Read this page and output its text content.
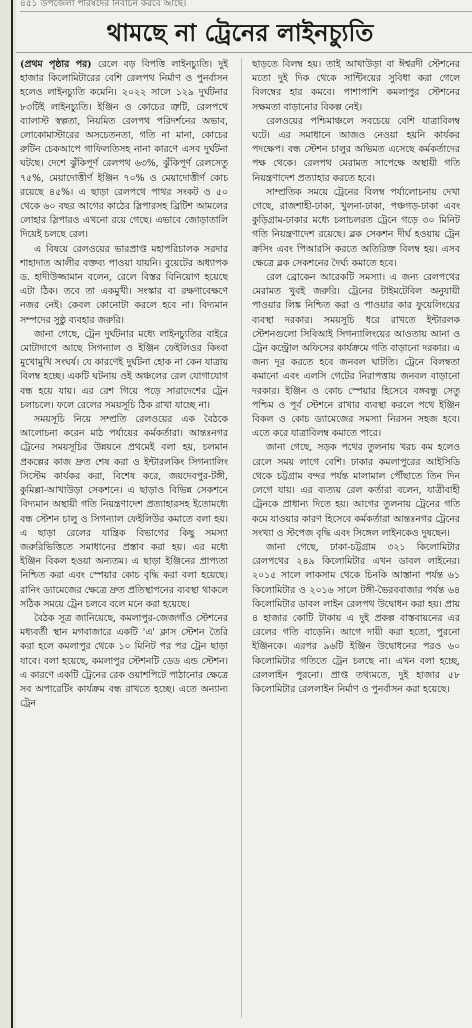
৪৫১ উপজেলা পরিষদের নির্বাচন করবে আছে।
থামছে না ট্রেনের লাইনচ্যুতি

(প্রথম পৃষ্ঠার পর) রেলে বড় বিপত্তি লাইনচ্যুতি। দুই হাজার কিলোমিটারের বেশি রেলপথ নির্মাণ ও পুনর্বাসন হলেও লাইনচ্যুতি কমেনি। ২০২২ সালে ১২৯ দুর্ঘটনার ৮৩টিই লাইনচ্যুতি। ইঞ্জিন ও কোচের ত্রুটি, রেলপথে ব্যালাস্ট স্বল্পতা, নিয়মিত রেলপথ পরিদর্শনের অভাব, লোকোমাস্টারের অসচেতনতা, গতি না মানা, কোচের রুটিন চেকআপে গাফিলতিসহ নানা কারণে এসব দুর্ঘটনা ঘটছে। দেশে ঝুঁকিপূর্ণ রেলপথ ৬৩%, ঝুঁকিপূর্ণ রেলসেতু ৭৫%, মেয়াদোত্তীর্ণ ইঞ্জিন ৭০% ও মেয়াদোত্তীর্ণ কোচ রয়েছে ৪৫%। এ ছাড়া রেলপথে পাথর সংকট ও ৫০ থেকে ৬০ বছর আগের কাঠের স্লিপারসহ ব্রিটিশ আমলের লোহার স্লিপারও এখনো রয়ে গেছে। এভাবে জোড়াতালি দিয়েই চলছে রেল।

এ বিষয়ে রেলওয়ের ভারপ্রাপ্ত মহাপরিচালক সরদার শাহাদাত আলীর বক্তব্য পাওয়া যায়নি। বুয়েটের অধ্যাপক ড. হাদীউজ্জামান বলেন, রেলে বিস্তর বিনিয়োগ হয়েছে এটা ঠিক। তবে তা একমুখী। সংস্কার বা রক্ষণাবেক্ষণে নজর নেই। কেবল কোনোটা করলে হবে না। বিদ্যমান সম্পদের সুষ্ঠু ব্যবহার জরুরি।

জানা গেছে, ট্রেন দুর্ঘটনার মধ্যে লাইনচ্যুতির বাইরে মোটাদাগে আছে সিগন্যাল ও ইঞ্জিন ফেইলিওর কিংবা মুখোমুখি সংঘর্ষ। যে কারণেই দুর্ঘটনা হোক না কেন যাত্রায় বিলম্ব হচ্ছে। একটি ঘটনায় ওই অঞ্চলের রেল যোগাযোগ বন্ধ হয়ে যায়। এর রেশ গিয়ে পড়ে সারাদেশের ট্রেন চলাচলে। ফলে রেলের সময়সূচি ঠিক রাখা যাচ্ছে না।

সময়সূচি নিয়ে সম্প্রতি রেলওয়ের এক বৈঠকে আলোচনা করেন মাঠ পর্যায়ের কর্মকর্তারা। আন্তঃনগর ট্রেনের সময়সূচির উন্নয়নে প্রথমেই বলা হয়, চলমান প্রকল্পের কাজ দ্রুত শেষ করা ও ইন্টারলকিং সিগন্যালিং সিস্টেম কার্যকর করা, বিশেষ করে, জয়দেবপুর-টঙ্গী, কুমিল্লা-আখাউড়া সেকশনে। এ ছাড়াও বিভিন্ন সেকশনে বিদ্যমান অস্থায়ী গতি নিয়ন্ত্রণাদেশ প্রত্যাহারসহ ইতোমধ্যে বন্ধ স্টেশন চালু ও সিগন্যাল ফেইলিউর কমাতে বলা হয়। এ ছাড়া রেলের যান্ত্রিক বিভাগের কিছু সমস্যা জরুরিভিত্তিতে সমাধানের প্রস্তাব করা হয়। এর মধ্যে ইঞ্জিন বিকল হওয়া অন্যতম। এ ছাড়া ইঞ্জিনের প্রাপ্যতা নিশ্চিত করা এবং স্পেয়ার কোচ বৃদ্ধি করা বলা হয়েছে। রানিং ড্যামেজের ক্ষেত্রে দ্রুত প্রতিস্থাপনের ব্যবস্থা থাকলে সঠিক সময়ে ট্রেন চলবে বলে মনে করা হয়েছে।

বৈঠক সূত্র জানিয়েছে, কমলাপুর-জেজগাঁও স্টেশনের মধ্যবর্তী স্থান মগবাজারে একটি 'এ' ক্লাস স্টেশন তৈরি করা হলে কমলাপুর থেকে ১০ মিনিট পর পর ট্রেন ছাড়া যাবে। বলা হয়েছে, কমলাপুর স্টেশনটি ডেড এন্ড স্টেশন। এ কারণে একটি ট্রেনের রেক ওয়াশপিটে পাঠানোর ক্ষেত্রে সব অপারেটিং কার্যক্রম বন্ধ রাখতে হচ্ছে। এতে অন্যান্য ট্রেন

ছাড়তে বিলম্ব হয়। তাই আখাউড়া বা ঈশ্বরদী স্টেশনের মতো দুই দিক থেকে সান্টিংয়ের সুবিধা করা গেলে বিলম্বের হার কমবে। পাশাপাশি কমলাপুর স্টেশনের সক্ষমতা বাড়ানোর বিকল্প নেই।

রেলওয়ের পশ্চিমাঞ্চলে সবচেয়ে বেশি যাত্রাবিলম্ব ঘটে। এর সমাধানে আজও নেওয়া হয়নি কার্যকর পদক্ষেপ। বন্ধ স্টেশন চালুর অভিমত এসেছে কর্মকর্তাদের পক্ষ থেকে। রেলপথ মেরামত সাপেক্ষে অস্থায়ী গতি নিয়ন্ত্রণাদেশ প্রত্যাহার করতে হবে।

সাম্প্রতিক সময়ে ট্রেনের বিলম্ব পর্যালোচনায় দেখা গেছে, রাজশাহী-ঢাকা, খুলনা-ঢাকা, পঞ্চগড়-ঢাকা এবং কুড়িগ্রাম-ঢাকার মধ্যে চলাচলরত ট্রেনে গড়ে ৩০ মিনিট গতি নিয়ন্ত্রণাদেশ রয়েছে। ব্লক সেকশন দীর্ঘ হওয়ায় ট্রেন ক্রসিং এবং পিআরসি করতে অতিরিক্ত বিলম্ব হয়। এসব ক্ষেত্রে ব্লক সেকশনের দৈর্ঘ্য কমাতে হবে।

রেল ব্রোকেন আরেকটি সমস্যা। এ জন্য রেলপথের মেরামত খুবই জরুরি। ট্রেনের টাইমটেবিল অনুযায়ী পাওয়ার লিঙ্ক নিশ্চিত করা ও পাওয়ার কার ফুয়েলিংয়ের ব্যবস্থা দরকার। সময়সূচি ধরে রাখতে ইন্টারলক স্টেশনগুলো সিবিআই সিগন্যালিংয়ের আওতায় আনা ও ট্রেন কন্ট্রোল অফিসের কার্যক্রমে গতি বাড়ানো দরকার। এ জন্য দূর করতে হবে জনবল ঘাটতি। ট্রেনে বিলম্বতা কমানো এবং এলসি গেটের নিরাপত্তায় জনবল বাড়ানো দরকার। ইঞ্জিন ও কোচ স্পেয়ার হিসেবে বঙ্গবন্ধু সেতু পশ্চিম ও পূর্ব স্টেশনে রাখার ব্যবস্থা করলে পথে ইঞ্জিন বিকল ও কোচ ড্যামেজের সমস্যা নিরসন সহজ হবে। এতে করে যাত্রাবিলম্ব কমাতে পারে।

জানা গেছে, সড়ক পথের তুলনায় খরচ কম হলেও রেলে সময় লাগে বেশি। ঢাকার কমলাপুরের আইসিডি থেকে চট্টগ্রাম বন্দর পর্যন্ত মালামাল পৌঁছাতে তিন দিন লেগে যায়। এর ব্যত্যয় রেল কর্তারা বলেন, যাত্রীবাহী ট্রেনকে প্রাধান্য দিতে হয়। আগের তুলনায় ট্রেনের গতি কমে যাওয়ার কারণ হিসেবে কর্মকর্তারা আন্তঃনগর ট্রেনের সংখ্যা ও স্টপেজ বৃদ্ধি এবং সিঙ্গেল লাইনকেও দুষছেন।

জানা গেছে, ঢাকা-চট্টগ্রাম ৩২১ কিলোমিটার রেলপথের ২৪৯ কিলোমিটার এখন ডাবল লাইনের। ২০১৫ সালে লাকসাম থেকে চিনকি আস্তানা পর্যন্ত ৬১ কিলোমিটার ও ২০১৬ সালে টঙ্গী-ভৈরববাজার পর্যন্ত ৬৪ কিলোমিটার ডাবল লাইন রেলপথ উদ্বোধন করা হয়। প্রায় ৪ হাজার কোটি টাকায় এ দুই প্রকল্প বাস্তবায়নের এর রেলের গতি বাড়েনি। আগে দায়ী করা হতো, পুরনো ইঞ্জিনকে। এরপর ৯৬টি ইঞ্জিন উদ্বোধনের পরও ৬০ কিলোমিটার গতিতে ট্রেন চলছে না। এখন বলা হচ্ছে, রেললাইন পুরনো। প্রাপ্ত তথ্যমতে, দুই হাজার ৫৮ কিলোমিটার রেললাইন নির্মাণ ও পুনর্বাসন করা হয়েছে।
